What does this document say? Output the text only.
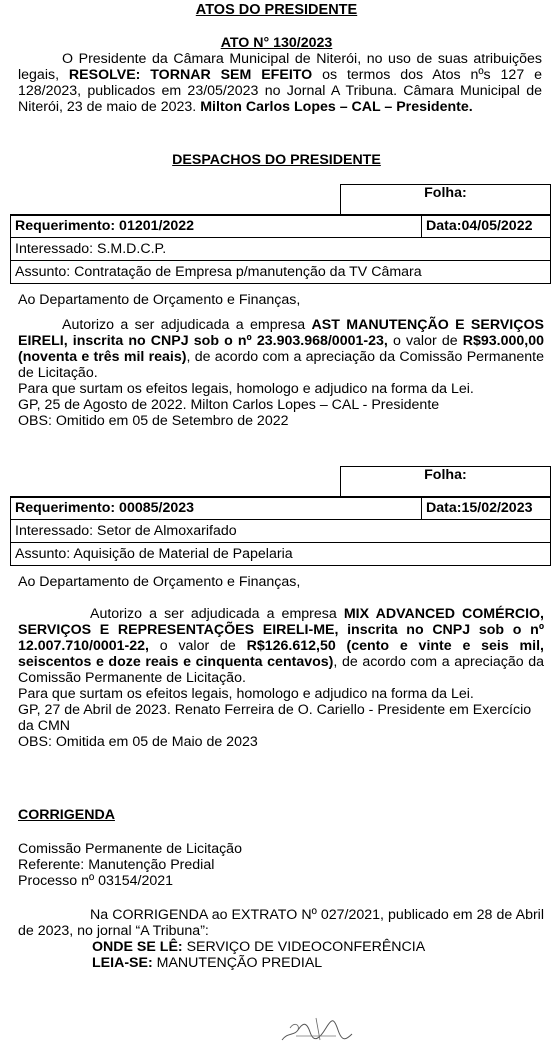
ATOS DO PRESIDENTE
ATO N° 130/2023

O Presidente da Câmara Municipal de Niterói, no uso de suas atribuições legais, RESOLVE: TORNAR SEM EFEITO os termos dos Atos nºs 127 e 128/2023, publicados em 23/05/2023 no Jornal A Tribuna. Câmara Municipal de Niterói, 23 de maio de 2023. Milton Carlos Lopes – CAL – Presidente.

DESPACHOS DO PRESIDENTE
	Folha:
Requerimento: 01201/2022	Data:04/05/2022
Interessado: S.M.D.C.P.
Assunto: Contratação de Empresa p/manutenção da TV Câmara

Ao Departamento de Orçamento e Finanças,

Autorizo a ser adjudicada a empresa AST MANUTENÇÃO E SERVIÇOS EIRELI, inscrita no CNPJ sob o nº 23.903.968/0001-23, o valor de R$93.000,00 (noventa e três mil reais), de acordo com a apreciação da Comissão Permanente de Licitação.

Para que surtam os efeitos legais, homologo e adjudico na forma da Lei.

GP, 25 de Agosto de 2022. Milton Carlos Lopes – CAL - Presidente

OBS: Omitido em 05 de Setembro de 2022

	Folha:
Requerimento: 00085/2023	Data:15/02/2023
Interessado: Setor de Almoxarifado
Assunto: Aquisição de Material de Papelaria

Ao Departamento de Orçamento e Finanças,

Autorizo a ser adjudicada a empresa MIX ADVANCED COMÉRCIO, SERVIÇOS E REPRESENTAÇÕES EIRELI-ME, inscrita no CNPJ sob o nº 12.007.710/0001-22, o valor de R$126.612,50 (cento e vinte e seis mil, seiscentos e doze reais e cinquenta centavos), de acordo com a apreciação da Comissão Permanente de Licitação.

Para que surtam os efeitos legais, homologo e adjudico na forma da Lei.

GP, 27 de Abril de 2023. Renato Ferreira de O. Cariello - Presidente em Exercício da CMN

OBS: Omitida em 05 de Maio de 2023

CORRIGENDA

Comissão Permanente de Licitação

Referente: Manutenção Predial

Processo nº 03154/2021

Na CORRIGENDA ao EXTRATO Nº 027/2021, publicado em 28 de Abril de 2023, no jornal “A Tribuna”:

ONDE SE LÊ: SERVIÇO DE VIDEOCONFERÊNCIA

LEIA-SE: MANUTENÇÃO PREDIAL
